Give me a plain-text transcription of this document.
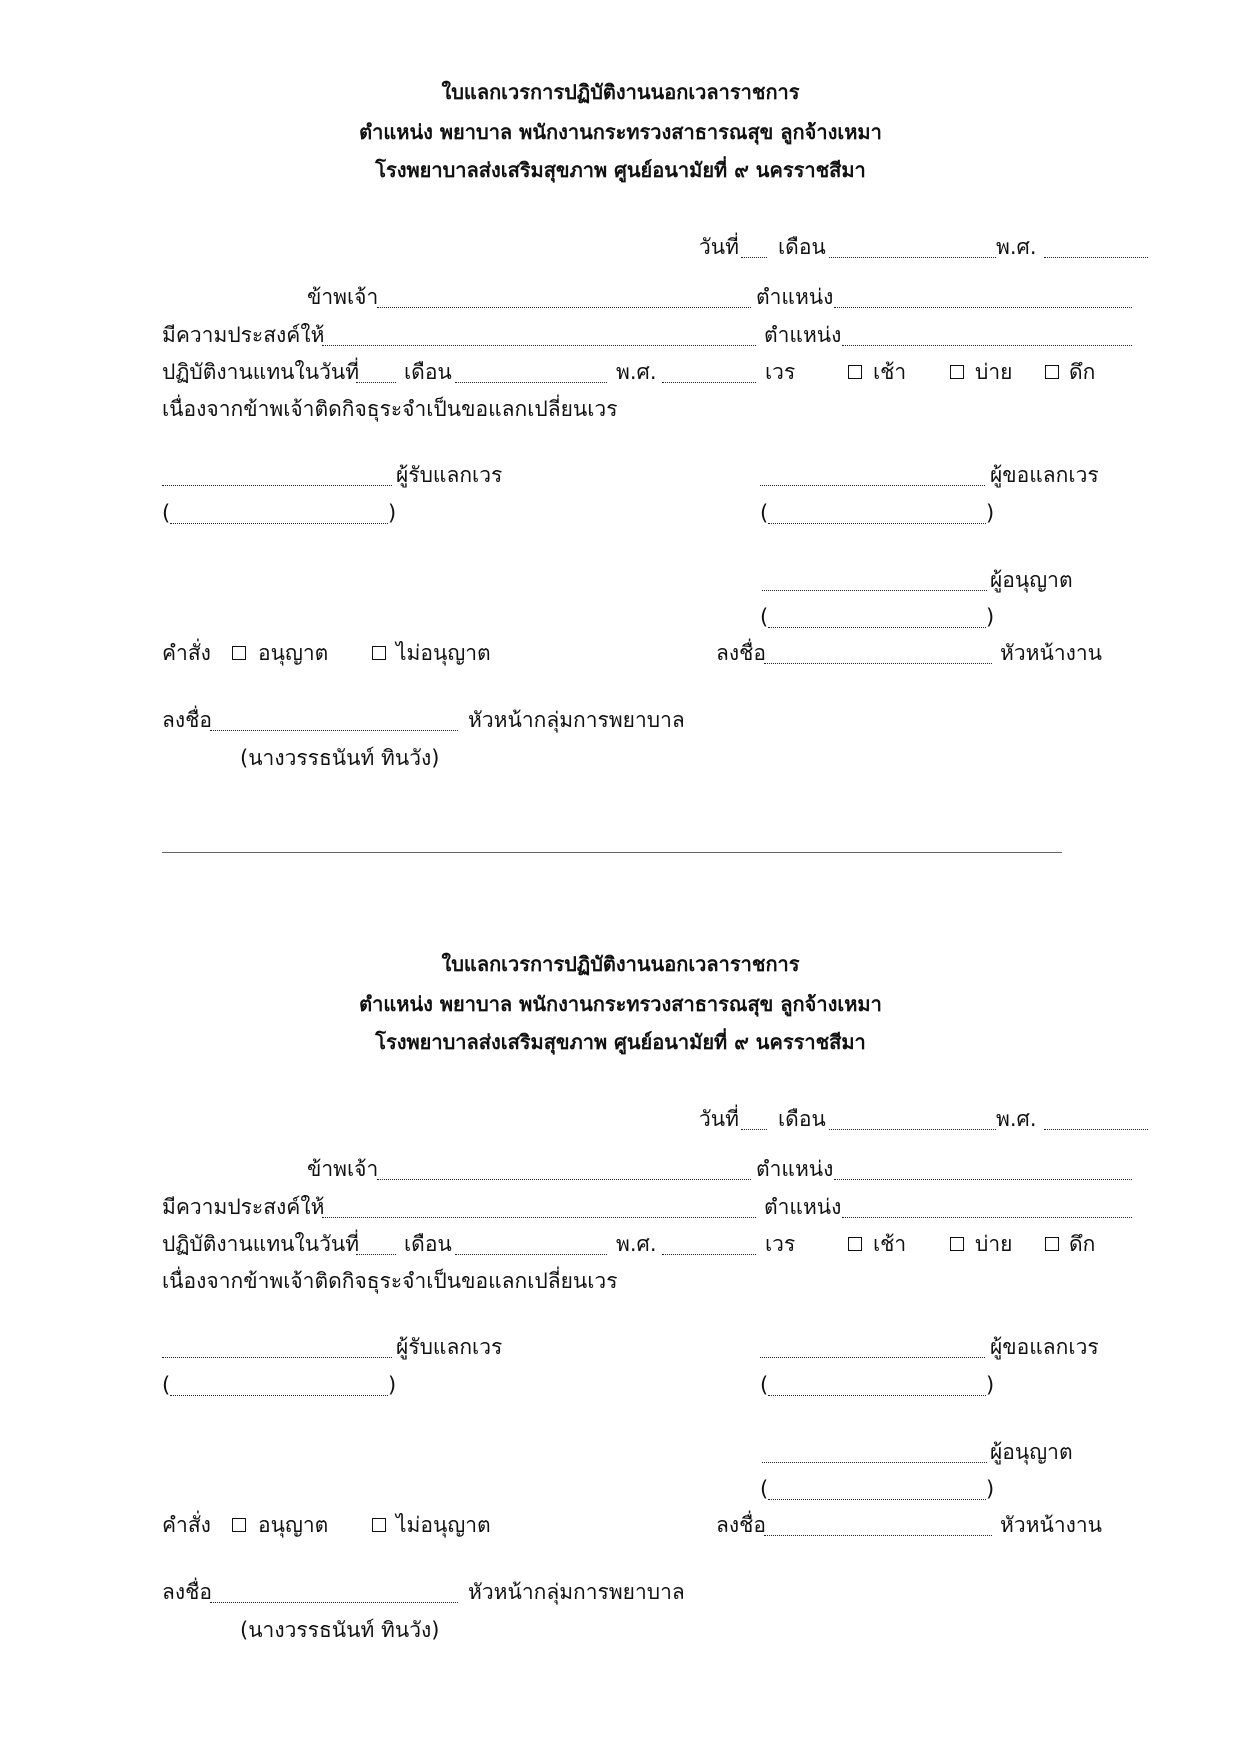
ใบแลกเวรการปฏิบัติงานนอกเวลาราชการ
ตำแหน่ง พยาบาล พนักงานกระทรวงสาธารณสุข ลูกจ้างเหมา
โรงพยาบาลส่งเสริมสุขภาพ ศูนย์อนามัยที่ ๙ นครราชสีมา
วันที่ เดือน	พ.ศ.
ข้าพเจ้า	ตำแหน่ง
มีความประสงค์ให้	ตำแหน่ง
ปฏิบัติงานแทนในวันที่ เดือน	พ.ศ.	เวร	เช้า	บ่าย	ดึก
เนื่องจากข้าพเจ้าติดกิจธุระจำเป็นขอแลกเปลี่ยนเวร
ผู้รับแลกเวร
(	)
ผู้ขอแลกเวร
(	)
ผู้อนุญาต
(	)
คำสั่ง อนุญาต	ไม่อนุญาต	ลงชื่อ	หัวหน้างาน
ลงชื่อ	หัวหน้ากลุ่มการพยาบาล
(นางวรรธนันท์ ทินวัง)
ใบแลกเวรการปฏิบัติงานนอกเวลาราชการ
ตำแหน่ง พยาบาล พนักงานกระทรวงสาธารณสุข ลูกจ้างเหมา
โรงพยาบาลส่งเสริมสุขภาพ ศูนย์อนามัยที่ ๙ นครราชสีมา
วันที่ เดือน	พ.ศ.
ข้าพเจ้า	ตำแหน่ง
มีความประสงค์ให้	ตำแหน่ง
ปฏิบัติงานแทนในวันที่ เดือน	พ.ศ.	เวร	เช้า	บ่าย	ดึก
เนื่องจากข้าพเจ้าติดกิจธุระจำเป็นขอแลกเปลี่ยนเวร
ผู้รับแลกเวร
(	)
ผู้ขอแลกเวร
(	)
ผู้อนุญาต
(	)
คำสั่ง อนุญาต	ไม่อนุญาต	ลงชื่อ	หัวหน้างาน
ลงชื่อ	หัวหน้ากลุ่มการพยาบาล
(นางวรรธนันท์ ทินวัง)
